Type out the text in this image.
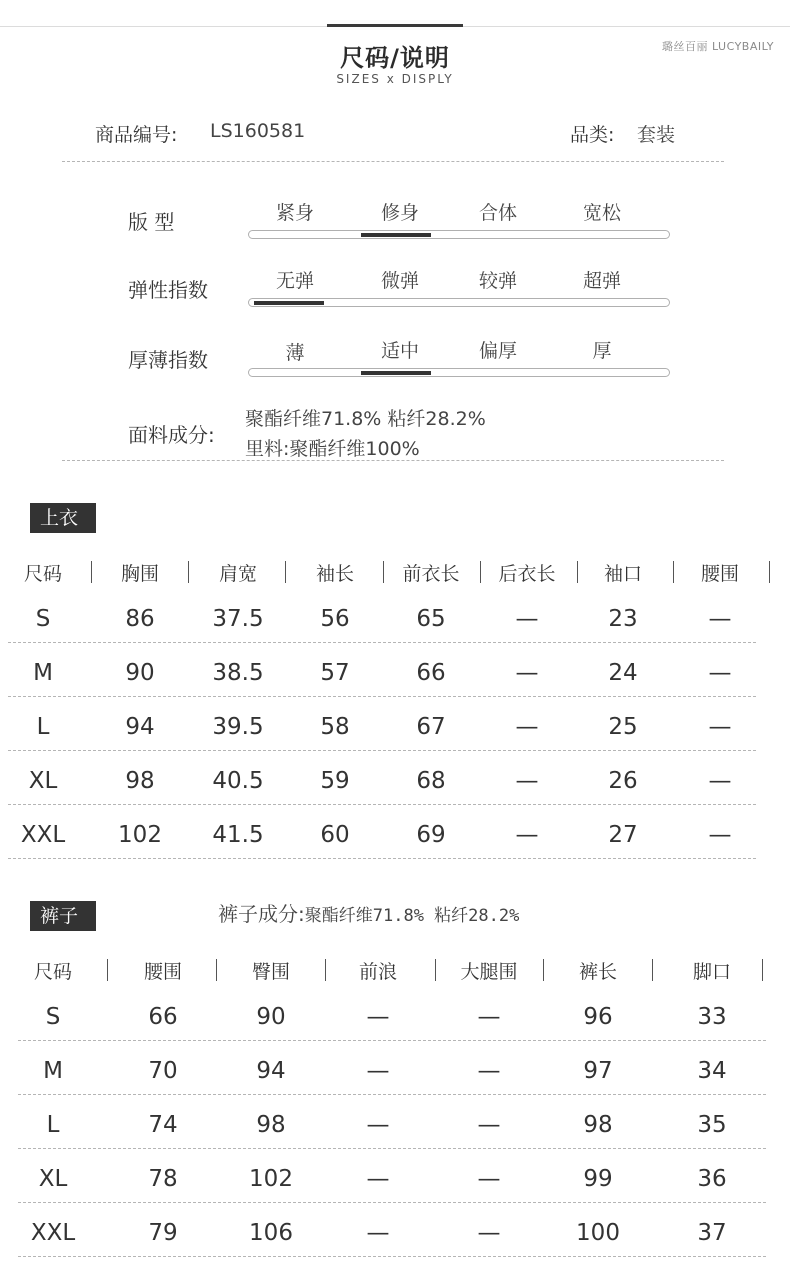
尺码/说明
SIZES x DISPLY
璐丝百丽 LUCYBAILY
商品编号: LS160581	品类: 套装
版 型	紧身	修身	合体	宽松
弹性指数	无弹	微弹	较弹	超弹
厚薄指数	薄	适中	偏厚	厚
面料成分:
聚酯纤维71.8% 粘纤28.2%
里料:聚酯纤维100%
上衣
尺码	胸围	肩宽	袖长	前衣长	后衣长	袖口	腰围
S	86	37.5	56	65	—	23	—
M	90	38.5	57	66	—	24	—
L	94	39.5	58	67	—	25	—
XL	98	40.5	59	68	—	26	—
XXL	102	41.5	60	69	—	27	—
裤子	裤子成分:聚酯纤维71.8% 粘纤28.2%
尺码	腰围	臀围	前浪	大腿围	裤长	脚口
S	66	90	—	—	96	33
M	70	94	—	—	97	34
L	74	98	—	—	98	35
XL	78	102	—	—	99	36
XXL	79	106	—	—	100	37
